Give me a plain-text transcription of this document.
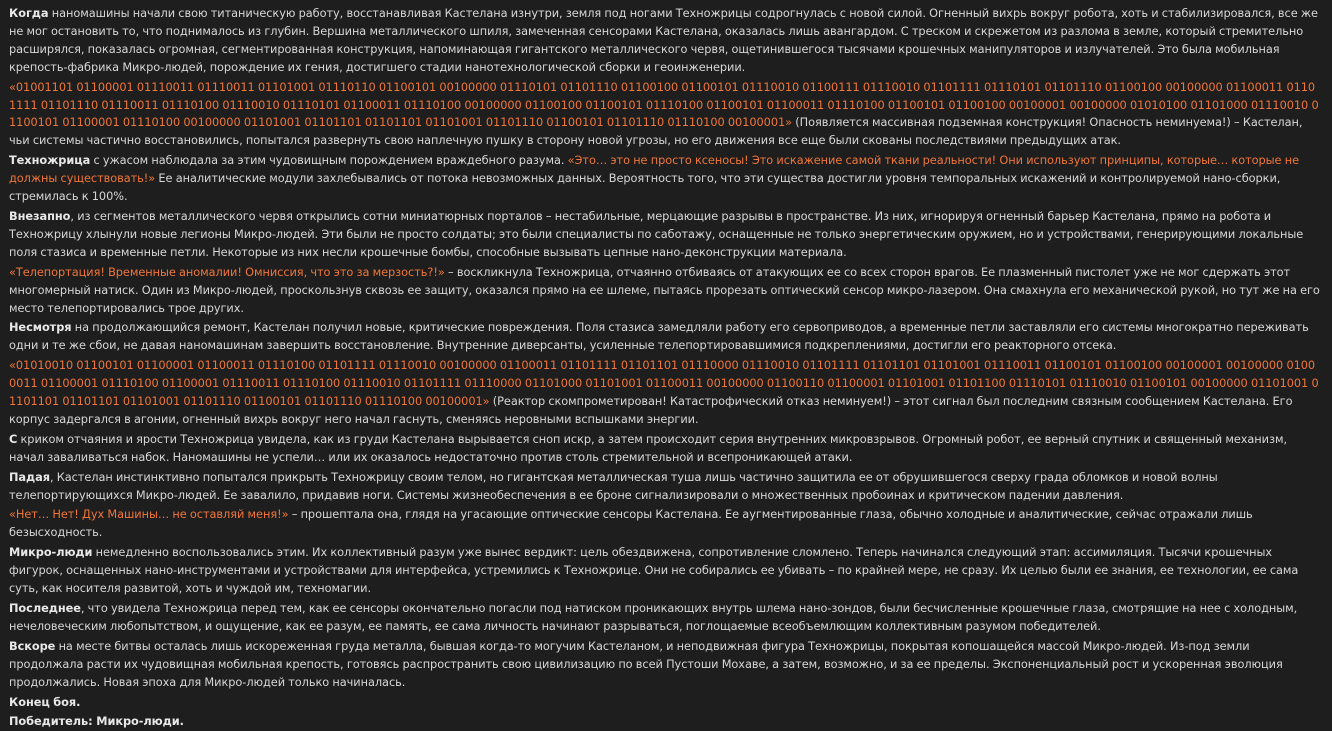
Когда наномашины начали свою титаническую работу, восстанавливая Кастелана изнутри, земля под ногами Техножрицы содрогнулась с новой силой. Огненный вихрь вокруг робота, хоть и стабилизировался, все же не мог остановить то, что поднималось из глубин. Вершина металлического шпиля, замеченная сенсорами Кастелана, оказалась лишь авангардом. С треском и скрежетом из разлома в земле, который стремительно расширялся, показалась огромная, сегментированная конструкция, напоминающая гигантского металлического червя, ощетинившегося тысячами крошечных манипуляторов и излучателей. Это была мобильная крепость-фабрика Микро-людей, порождение их гения, достигшего стадии нанотехнологической сборки и геоинженерии.

«01001101 01100001 01110011 01110011 01101001 01110110 01100101 00100000 01110101 01101110 01100100 01100101 01110010 01100111 01110010 01101111 01110101 01101110 01100100 00100000 01100011 01101111 01101110 01110011 01110100 01110010 01110101 01100011 01110100 00100000 01100100 01100101 01110100 01100101 01100011 01110100 01100101 01100100 00100001 00100000 01010100 01101000 01110010 01100101 01100001 01110100 00100000 01101001 01101101 01101101 01101001 01101110 01100101 01101110 01110100 00100001» (Появляется массивная подземная конструкция! Опасность неминуема!) – Кастелан, чьи системы частично восстановились, попытался развернуть свою наплечную пушку в сторону новой угрозы, но его движения все еще были скованы последствиями предыдущих атак.

Техножрица с ужасом наблюдала за этим чудовищным порождением враждебного разума. «Это… это не просто ксеносы! Это искажение самой ткани реальности! Они используют принципы, которые… которые не должны существовать!» Ее аналитические модули захлебывались от потока невозможных данных. Вероятность того, что эти существа достигли уровня темпоральных искажений и контролируемой нано-сборки, стремилась к 100%.

Внезапно, из сегментов металлического червя открылись сотни миниатюрных порталов – нестабильные, мерцающие разрывы в пространстве. Из них, игнорируя огненный барьер Кастелана, прямо на робота и Техножрицу хлынули новые легионы Микро-людей. Эти были не просто солдаты; это были специалисты по саботажу, оснащенные не только энергетическим оружием, но и устройствами, генерирующими локальные поля стазиса и временные петли. Некоторые из них несли крошечные бомбы, способные вызывать цепные нано-деконструкции материала.

«Телепортация! Временные аномалии! Омниссия, что это за мерзость?!» – воскликнула Техножрица, отчаянно отбиваясь от атакующих ее со всех сторон врагов. Ее плазменный пистолет уже не мог сдержать этот многомерный натиск. Один из Микро-людей, проскользнув сквозь ее защиту, оказался прямо на ее шлеме, пытаясь прорезать оптический сенсор микро-лазером. Она смахнула его механической рукой, но тут же на его место телепортировались трое других.

Несмотря на продолжающийся ремонт, Кастелан получил новые, критические повреждения. Поля стазиса замедляли работу его сервоприводов, а временные петли заставляли его системы многократно переживать одни и те же сбои, не давая наномашинам завершить восстановление. Внутренние диверсанты, усиленные телепортировавшимися подкреплениями, достигли его реакторного отсека.

«01010010 01100101 01100001 01100011 01110100 01101111 01110010 00100000 01100011 01101111 01101101 01110000 01110010 01101111 01101101 01101001 01110011 01100101 01100100 00100001 00100000 01000011 01100001 01110100 01100001 01110011 01110100 01110010 01101111 01110000 01101000 01101001 01100011 00100000 01100110 01100001 01101001 01101100 01110101 01110010 01100101 00100000 01101001 01101101 01101101 01101001 01101110 01100101 01101110 01110100 00100001» (Реактор скомпрометирован! Катастрофический отказ неминуем!) – этот сигнал был последним связным сообщением Кастелана. Его корпус задергался в агонии, огненный вихрь вокруг него начал гаснуть, сменяясь неровными вспышками энергии.

С криком отчаяния и ярости Техножрица увидела, как из груди Кастелана вырывается сноп искр, а затем происходит серия внутренних микровзрывов. Огромный робот, ее верный спутник и священный механизм, начал заваливаться набок. Наномашины не успели… или их оказалось недостаточно против столь стремительной и всепроникающей атаки.

Падая, Кастелан инстинктивно попытался прикрыть Техножрицу своим телом, но гигантская металлическая туша лишь частично защитила ее от обрушившегося сверху града обломков и новой волны телепортирующихся Микро-людей. Ее завалило, придавив ноги. Системы жизнеобеспечения в ее броне сигнализировали о множественных пробоинах и критическом падении давления.

«Нет… Нет! Дух Машины… не оставляй меня!» – прошептала она, глядя на угасающие оптические сенсоры Кастелана. Ее аугментированные глаза, обычно холодные и аналитические, сейчас отражали лишь безысходность.

Микро-люди немедленно воспользовались этим. Их коллективный разум уже вынес вердикт: цель обездвижена, сопротивление сломлено. Теперь начинался следующий этап: ассимиляция. Тысячи крошечных фигурок, оснащенных нано-инструментами и устройствами для интерфейса, устремились к Техножрице. Они не собирались ее убивать – по крайней мере, не сразу. Их целью были ее знания, ее технологии, ее сама суть, как носителя развитой, хоть и чуждой им, техномагии.

Последнее, что увидела Техножрица перед тем, как ее сенсоры окончательно погасли под натиском проникающих внутрь шлема нано-зондов, были бесчисленные крошечные глаза, смотрящие на нее с холодным, нечеловеческим любопытством, и ощущение, как ее разум, ее память, ее сама личность начинают разрываться, поглощаемые всеобъемлющим коллективным разумом победителей.

Вскоре на месте битвы осталась лишь искореженная груда металла, бывшая когда-то могучим Кастеланом, и неподвижная фигура Техножрицы, покрытая копошащейся массой Микро-людей. Из-под земли продолжала расти их чудовищная мобильная крепость, готовясь распространить свою цивилизацию по всей Пустоши Мохаве, а затем, возможно, и за ее пределы. Экспоненциальный рост и ускоренная эволюция продолжались. Новая эпоха для Микро-людей только начиналась.

Конец боя.

Победитель: Микро-люди.
